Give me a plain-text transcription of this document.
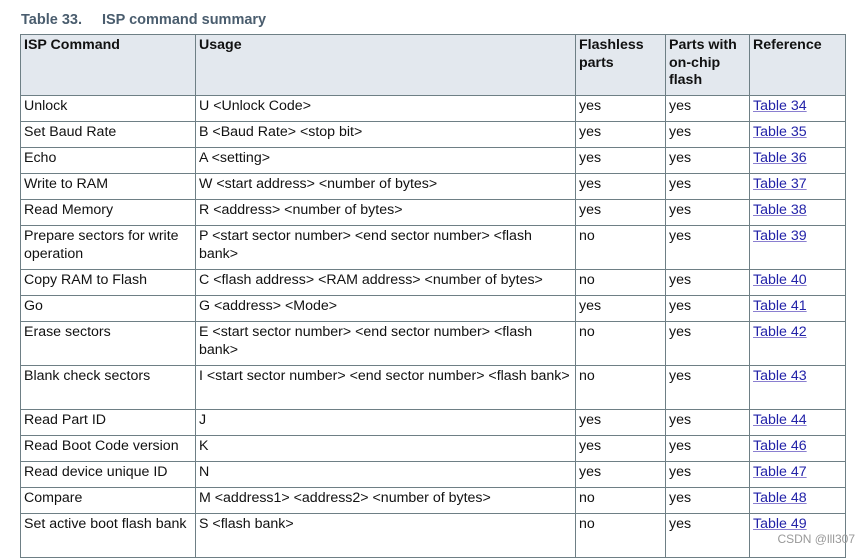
Table 33. ISP command summary
ISP Command	Usage	Flashless parts	Parts with on-chip flash	Reference
Unlock	U <Unlock Code>	yes	yes	Table 34
Set Baud Rate	B <Baud Rate> <stop bit>	yes	yes	Table 35
Echo	A <setting>	yes	yes	Table 36
Write to RAM	W <start address> <number of bytes>	yes	yes	Table 37
Read Memory	R <address> <number of bytes>	yes	yes	Table 38
Prepare sectors for write operation	P <start sector number> <end sector number> <flash bank>	no	yes	Table 39
Copy RAM to Flash	C <flash address> <RAM address> <number of bytes>	no	yes	Table 40
Go	G <address> <Mode>	yes	yes	Table 41
Erase sectors	E <start sector number> <end sector number> <flash bank>	no	yes	Table 42
Blank check sectors	I <start sector number> <end sector number> <flash bank>	no	yes	Table 43
Read Part ID	J	yes	yes	Table 44
Read Boot Code version	K	yes	yes	Table 46
Read device unique ID	N	yes	yes	Table 47
Compare	M <address1> <address2> <number of bytes>	no	yes	Table 48
Set active boot flash bank	S <flash bank>	no	yes	Table 49
CSDN @lll307
